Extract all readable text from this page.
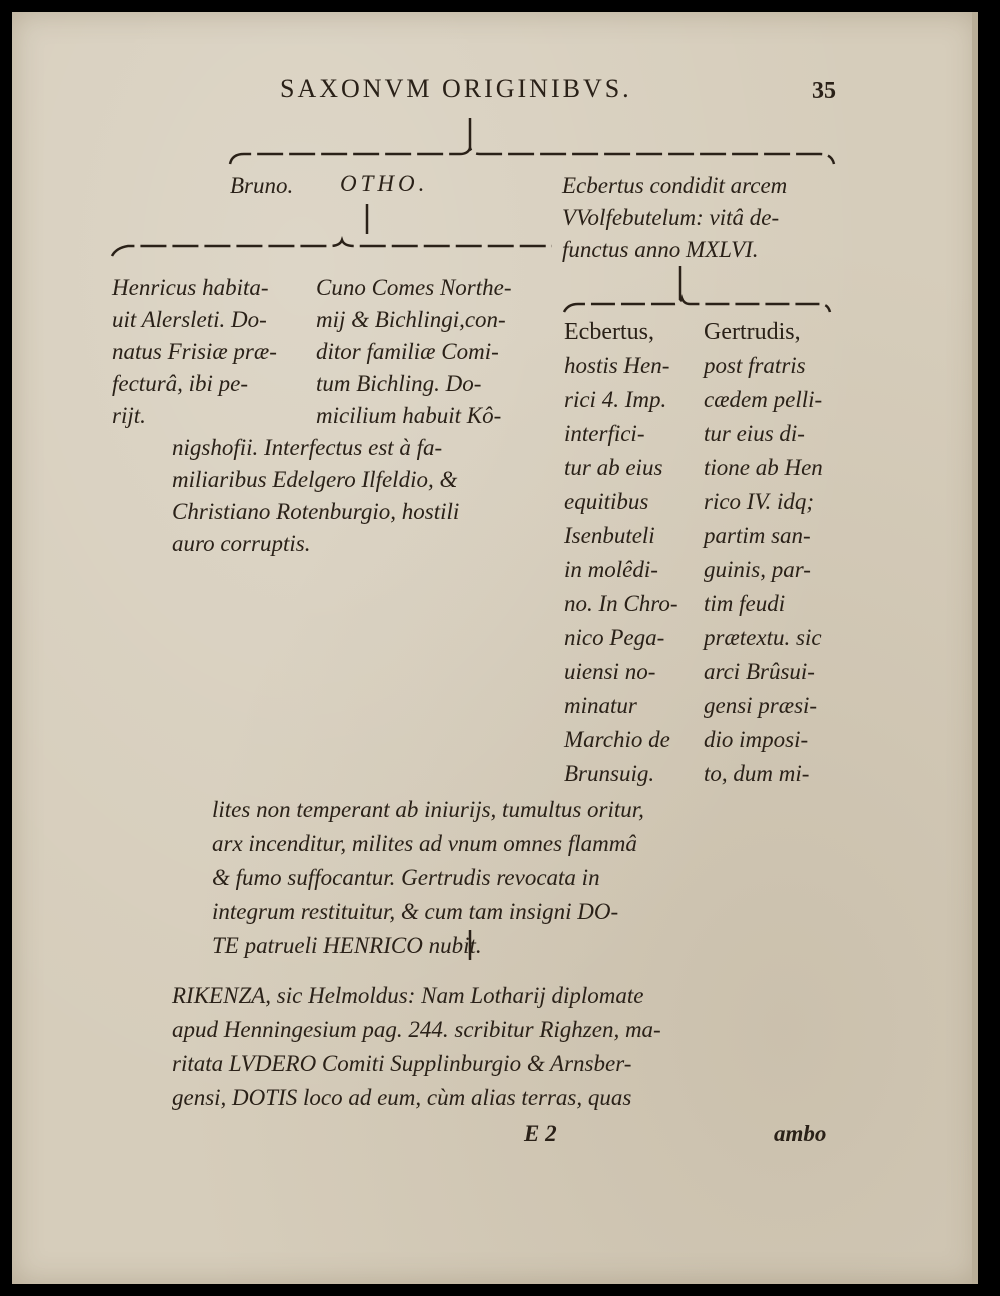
SAXONVM ORIGINIBVS.	35
Bruno. OTHO.	Ecbertus condidit arcem
VVolfebutelum: vitâ de-
functus anno MXLVI.
Henricus habita-
uit Alersleti. Do-
natus Frisiæ præ-
fecturâ, ibi pe-
rijt.
Cuno Comes Northe-
mij & Bichlingi,con-
ditor familiæ Comi-
tum Bichling. Do-
micilium habuit Kô-
nigshofii. Interfectus est à fa-
miliaribus Edelgero Ilfeldio, &
Christiano Rotenburgio, hostili
auro corruptis.
Ecbertus,
hostis Hen-
rici 4. Imp.
interfici-
tur ab eius
equitibus
Isenbuteli
in molêdi-
no. In Chro-
nico Pega-
uiensi no-
minatur
Marchio de
Brunsuig.
Gertrudis,
post fratris
cædem pelli-
tur eius di-
tione ab Hen
rico IV. idq;
partim san-
guinis, par-
tim feudi
prætextu. sic
arci Brûsui-
gensi præsi-
dio imposi-
to, dum mi-
lites non temperant ab iniurijs, tumultus oritur,
arx incenditur, milites ad vnum omnes flammâ
& fumo suffocantur. Gertrudis revocata in
integrum restituitur, & cum tam insigni DO-
TE patrueli HENRICO nubit.
RIKENZA, sic Helmoldus: Nam Lotharij diplomate
apud Henningesium pag. 244. scribitur Righzen, ma-
ritata LVDERO Comiti Supplinburgio & Arnsber-
gensi, DOTIS loco ad eum, cùm alias terras, quas
E 2	ambo
